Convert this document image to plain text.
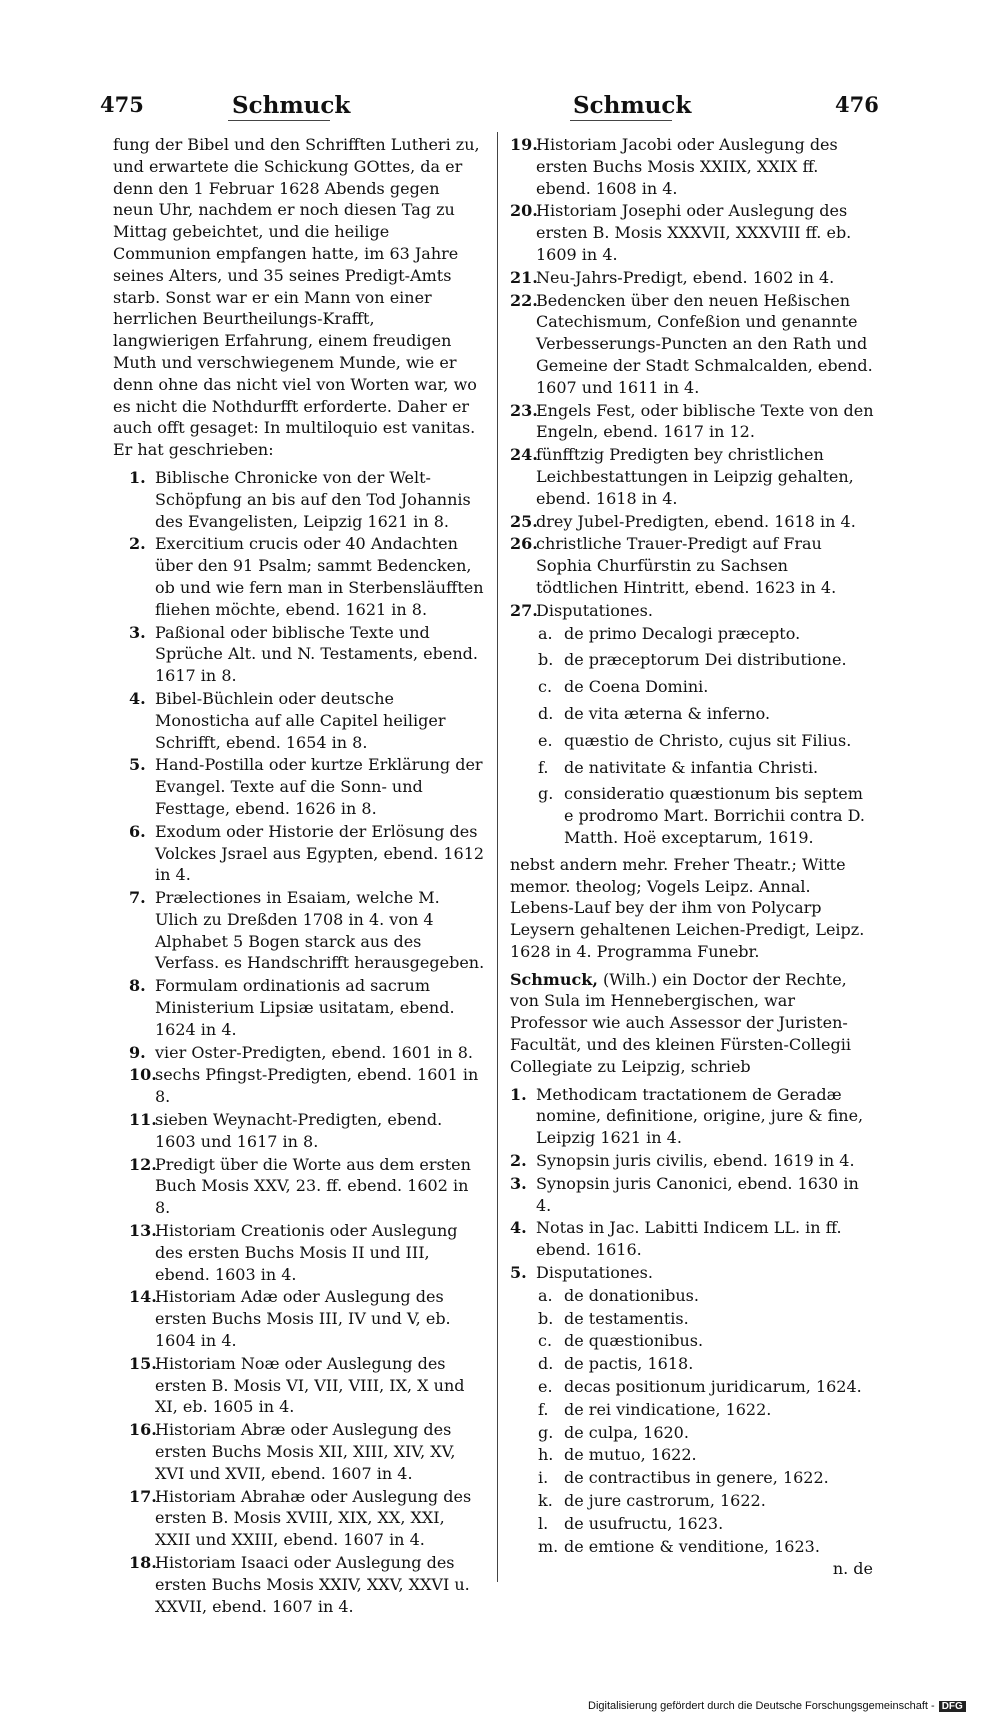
475	Schmuck	Schmuck	476

fung der Bibel und den Schrifften Lutheri zu, und erwartete die Schickung GOttes, da er denn den 1 Februar 1628 Abends gegen neun Uhr, nachdem er noch diesen Tag zu Mittag gebeichtet, und die heilige Communion empfangen hatte, im 63 Jahre seines Alters, und 35 seines Predigt-Amts starb. Sonst war er ein Mann von einer herrlichen Beurtheilungs-Krafft, langwierigen Erfahrung, einem freudigen Muth und verschwiegenem Munde, wie er denn ohne das nicht viel von Worten war, wo es nicht die Nothdurfft erforderte. Daher er auch offt gesaget: In multiloquio est vanitas. Er hat geschrieben:

1. Biblische Chronicke von der Welt-Schöpfung an bis auf den Tod Johannis des Evangelisten, Leipzig 1621 in 8.
2. Exercitium crucis oder 40 Andachten über den 91 Psalm; sammt Bedencken, ob und wie fern man in Sterbensläufften fliehen möchte, ebend. 1621 in 8.
3. Paßional oder biblische Texte und Sprüche Alt. und N. Testaments, ebend. 1617 in 8.
4. Bibel-Büchlein oder deutsche Monosticha auf alle Capitel heiliger Schrifft, ebend. 1654 in 8.
5. Hand-Postilla oder kurtze Erklärung der Evangel. Texte auf die Sonn- und Festtage, ebend. 1626 in 8.
6. Exodum oder Historie der Erlösung des Volckes Jsrael aus Egypten, ebend. 1612 in 4.
7. Prælectiones in Esaiam, welche M. Ulich zu Dreßden 1708 in 4. von 4 Alphabet 5 Bogen starck aus des Verfass. es Handschrifft herausgegeben.
8. Formulam ordinationis ad sacrum Ministerium Lipsiæ usitatam, ebend. 1624 in 4.
9. vier Oster-Predigten, ebend. 1601 in 8.
10.
sechs Pfingst-Predigten, ebend. 1601 in 8.
11.
sieben Weynacht-Predigten, ebend. 1603 und 1617 in 8.
12.
Predigt über die Worte aus dem ersten Buch Mosis XXV, 23. ff. ebend. 1602 in 8.
13.
Historiam Creationis oder Auslegung des ersten Buchs Mosis II und III, ebend. 1603 in 4.
14.
Historiam Adæ oder Auslegung des ersten Buchs Mosis III, IV und V, eb. 1604 in 4.
15.
Historiam Noæ oder Auslegung des ersten B. Mosis VI, VII, VIII, IX, X und XI, eb. 1605 in 4.
16.
Historiam Abræ oder Auslegung des ersten Buchs Mosis XII, XIII, XIV, XV, XVI und XVII, ebend. 1607 in 4.
17.
Historiam Abrahæ oder Auslegung des ersten B. Mosis XVIII, XIX, XX, XXI, XXII und XXIII, ebend. 1607 in 4.
18.
Historiam Isaaci oder Auslegung des ersten Buchs Mosis XXIV, XXV, XXVI u. XXVII, ebend. 1607 in 4.
19.
Historiam Jacobi oder Auslegung des ersten Buchs Mosis XXIIX, XXIX ff. ebend. 1608 in 4.
20.
Historiam Josephi oder Auslegung des ersten B. Mosis XXXVII, XXXVIII ff. eb. 1609 in 4.
21.
Neu-Jahrs-Predigt, ebend. 1602 in 4.
22.
Bedencken über den neuen Heßischen Catechismum, Confeßion und genannte Verbesserungs-Puncten an den Rath und Gemeine der Stadt Schmalcalden, ebend. 1607 und 1611 in 4.
23.
Engels Fest, oder biblische Texte von den Engeln, ebend. 1617 in 12.
24.
fünfftzig Predigten bey christlichen Leichbestattungen in Leipzig gehalten, ebend. 1618 in 4.
25.
drey Jubel-Predigten, ebend. 1618 in 4.
26.
christliche Trauer-Predigt auf Frau Sophia Churfürstin zu Sachsen tödtlichen Hintritt, ebend. 1623 in 4.
27.
Disputationes.
a. de primo Decalogi præcepto.
b. de præceptorum Dei distributione.
c. de Coena Domini.
d. de vita æterna & inferno.
e. quæstio de Christo, cujus sit Filius.
f. de nativitate & infantia Christi.
g. consideratio quæstionum bis septem e prodromo Mart. Borrichii contra D. Matth. Hoë exceptarum, 1619.

nebst andern mehr. Freher Theatr.; Witte memor. theolog; Vogels Leipz. Annal. Lebens-Lauf bey der ihm von Polycarp Leysern gehaltenen Leichen-Predigt, Leipz. 1628 in 4. Programma Funebr.

Schmuck, (Wilh.) ein Doctor der Rechte, von Sula im Hennebergischen, war Professor wie auch Assessor der Juristen-Facultät, und des kleinen Fürsten-Collegii Collegiate zu Leipzig, schrieb

1. Methodicam tractationem de Geradæ nomine, definitione, origine, jure & fine, Leipzig 1621 in 4.
2. Synopsin juris civilis, ebend. 1619 in 4.
3. Synopsin juris Canonici, ebend. 1630 in 4.
4. Notas in Jac. Labitti Indicem LL. in ff. ebend. 1616.
5. Disputationes.
a. de donationibus.
b. de testamentis.
c. de quæstionibus.
d. de pactis, 1618.
e. decas positionum juridicarum, 1624.
f. de rei vindicatione, 1622.
g. de culpa, 1620.
h. de mutuo, 1622.
i. de contractibus in genere, 1622.
k. de jure castrorum, 1622.
l. de usufructu, 1623.
m. de emtione & venditione, 1623.
n. de
Digitalisierung gefördert durch die Deutsche Forschungsgemeinschaft - DFG
